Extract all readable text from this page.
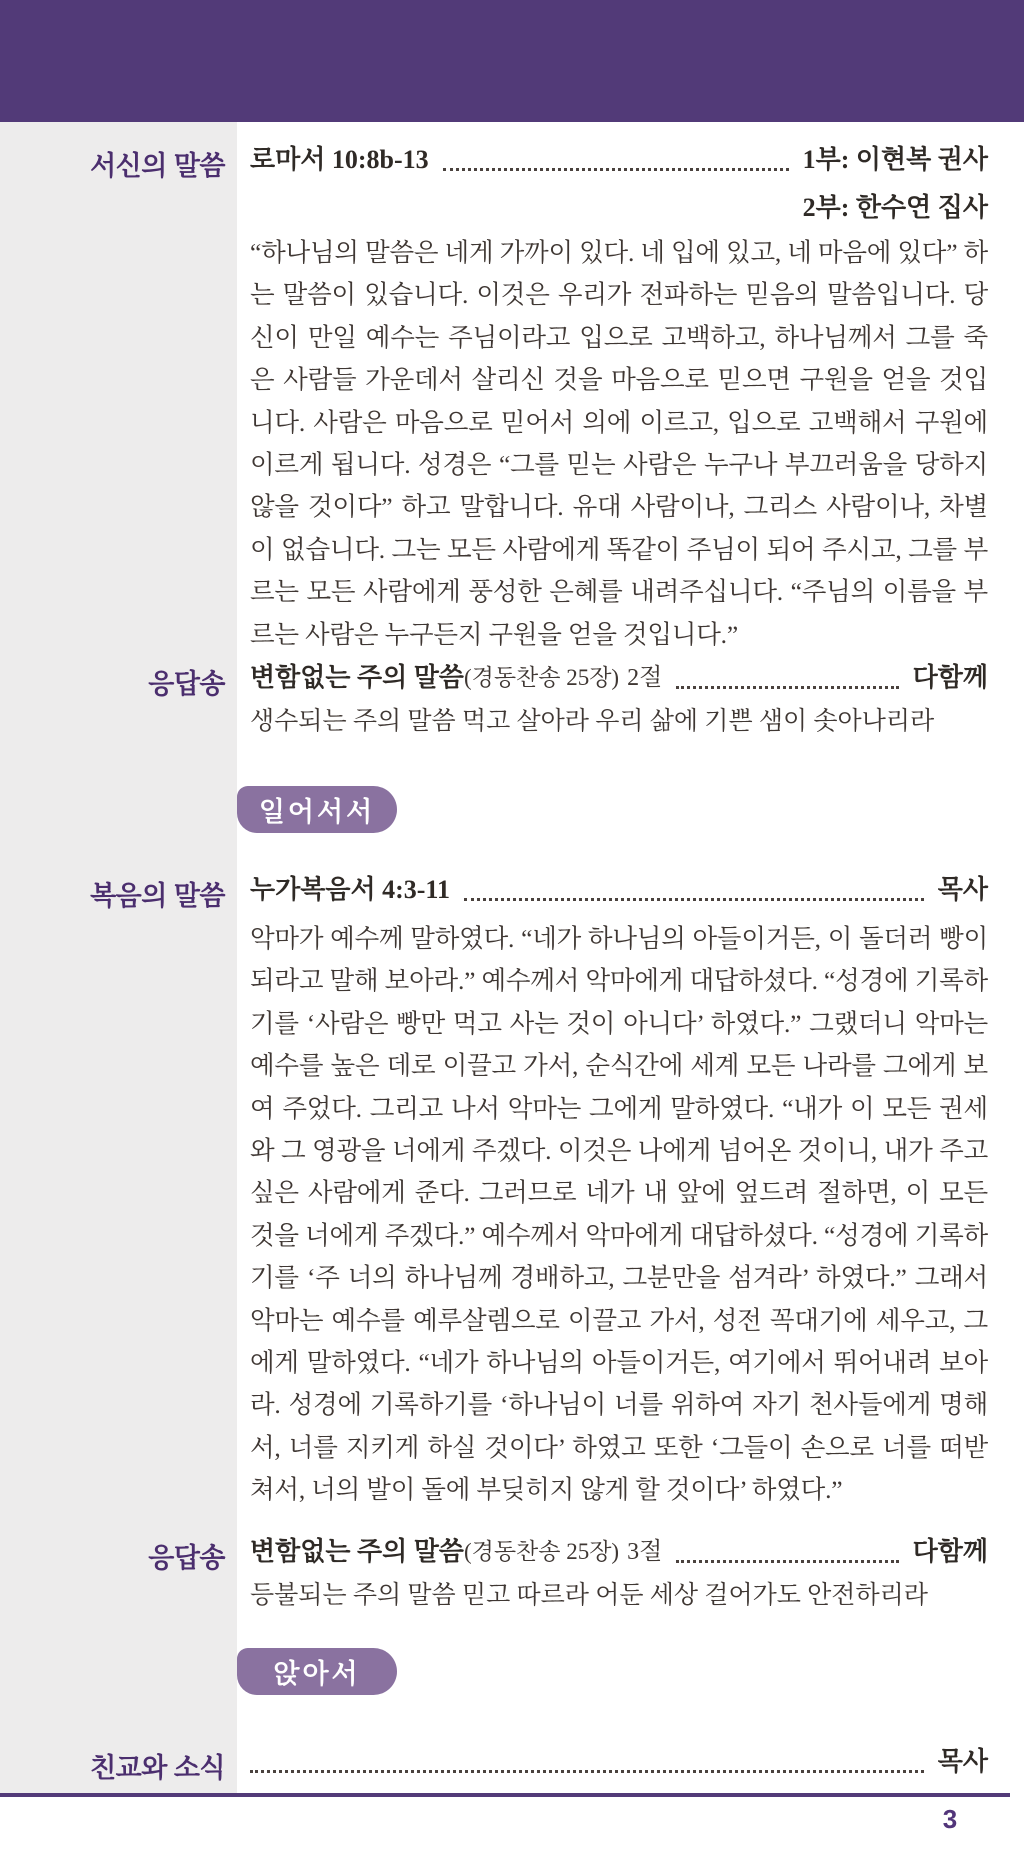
서신의 말씀 로마서 10:8b-13	1부: 이현복 권사
2부: 한수연 집사
“하나님의 말씀은 네게 가까이 있다. 네 입에 있고, 네 마음에 있다” 하는 말씀이 있습니다. 이것은 우리가 전파하는 믿음의 말씀입니다. 당신이 만일 예수는 주님이라고 입으로 고백하고, 하나님께서 그를 죽은 사람들 가운데서 살리신 것을 마음으로 믿으면 구원을 얻을 것입니다. 사람은 마음으로 믿어서 의에 이르고, 입으로 고백해서 구원에 이르게 됩니다. 성경은 “그를 믿는 사람은 누구나 부끄러움을 당하지 않을 것이다” 하고 말합니다. 유대 사람이나, 그리스 사람이나, 차별이 없습니다. 그는 모든 사람에게 똑같이 주님이 되어 주시고, 그를 부르는 모든 사람에게 풍성한 은혜를 내려주십니다. “주님의 이름을 부르는 사람은 누구든지 구원을 얻을 것입니다.”
응답송 변함없는 주의 말씀 (경동찬송 25장) 2절	다함께
생수되는 주의 말씀 먹고 살아라 우리 삶에 기쁜 샘이 솟아나리라
일어서서
복음의 말씀 누가복음서 4:3-11	목사
악마가 예수께 말하였다. “네가 하나님의 아들이거든, 이 돌더러 빵이 되라고 말해 보아라.” 예수께서 악마에게 대답하셨다. “성경에 기록하기를 ‘사람은 빵만 먹고 사는 것이 아니다’ 하였다.” 그랬더니 악마는 예수를 높은 데로 이끌고 가서, 순식간에 세계 모든 나라를 그에게 보여 주었다. 그리고 나서 악마는 그에게 말하였다. “내가 이 모든 권세와 그 영광을 너에게 주겠다. 이것은 나에게 넘어온 것이니, 내가 주고 싶은 사람에게 준다. 그러므로 네가 내 앞에 엎드려 절하면, 이 모든 것을 너에게 주겠다.” 예수께서 악마에게 대답하셨다. “성경에 기록하기를 ‘주 너의 하나님께 경배하고, 그분만을 섬겨라’ 하였다.” 그래서 악마는 예수를 예루살렘으로 이끌고 가서, 성전 꼭대기에 세우고, 그에게 말하였다. “네가 하나님의 아들이거든, 여기에서 뛰어내려 보아라. 성경에 기록하기를 ‘하나님이 너를 위하여 자기 천사들에게 명해서, 너를 지키게 하실 것이다’ 하였고 또한 ‘그들이 손으로 너를 떠받쳐서, 너의 발이 돌에 부딪히지 않게 할 것이다’ 하였다.”
응답송 변함없는 주의 말씀 (경동찬송 25장) 3절	다함께
등불되는 주의 말씀 믿고 따르라 어둔 세상 걸어가도 안전하리라
앉아서
친교와 소식	목사
3
